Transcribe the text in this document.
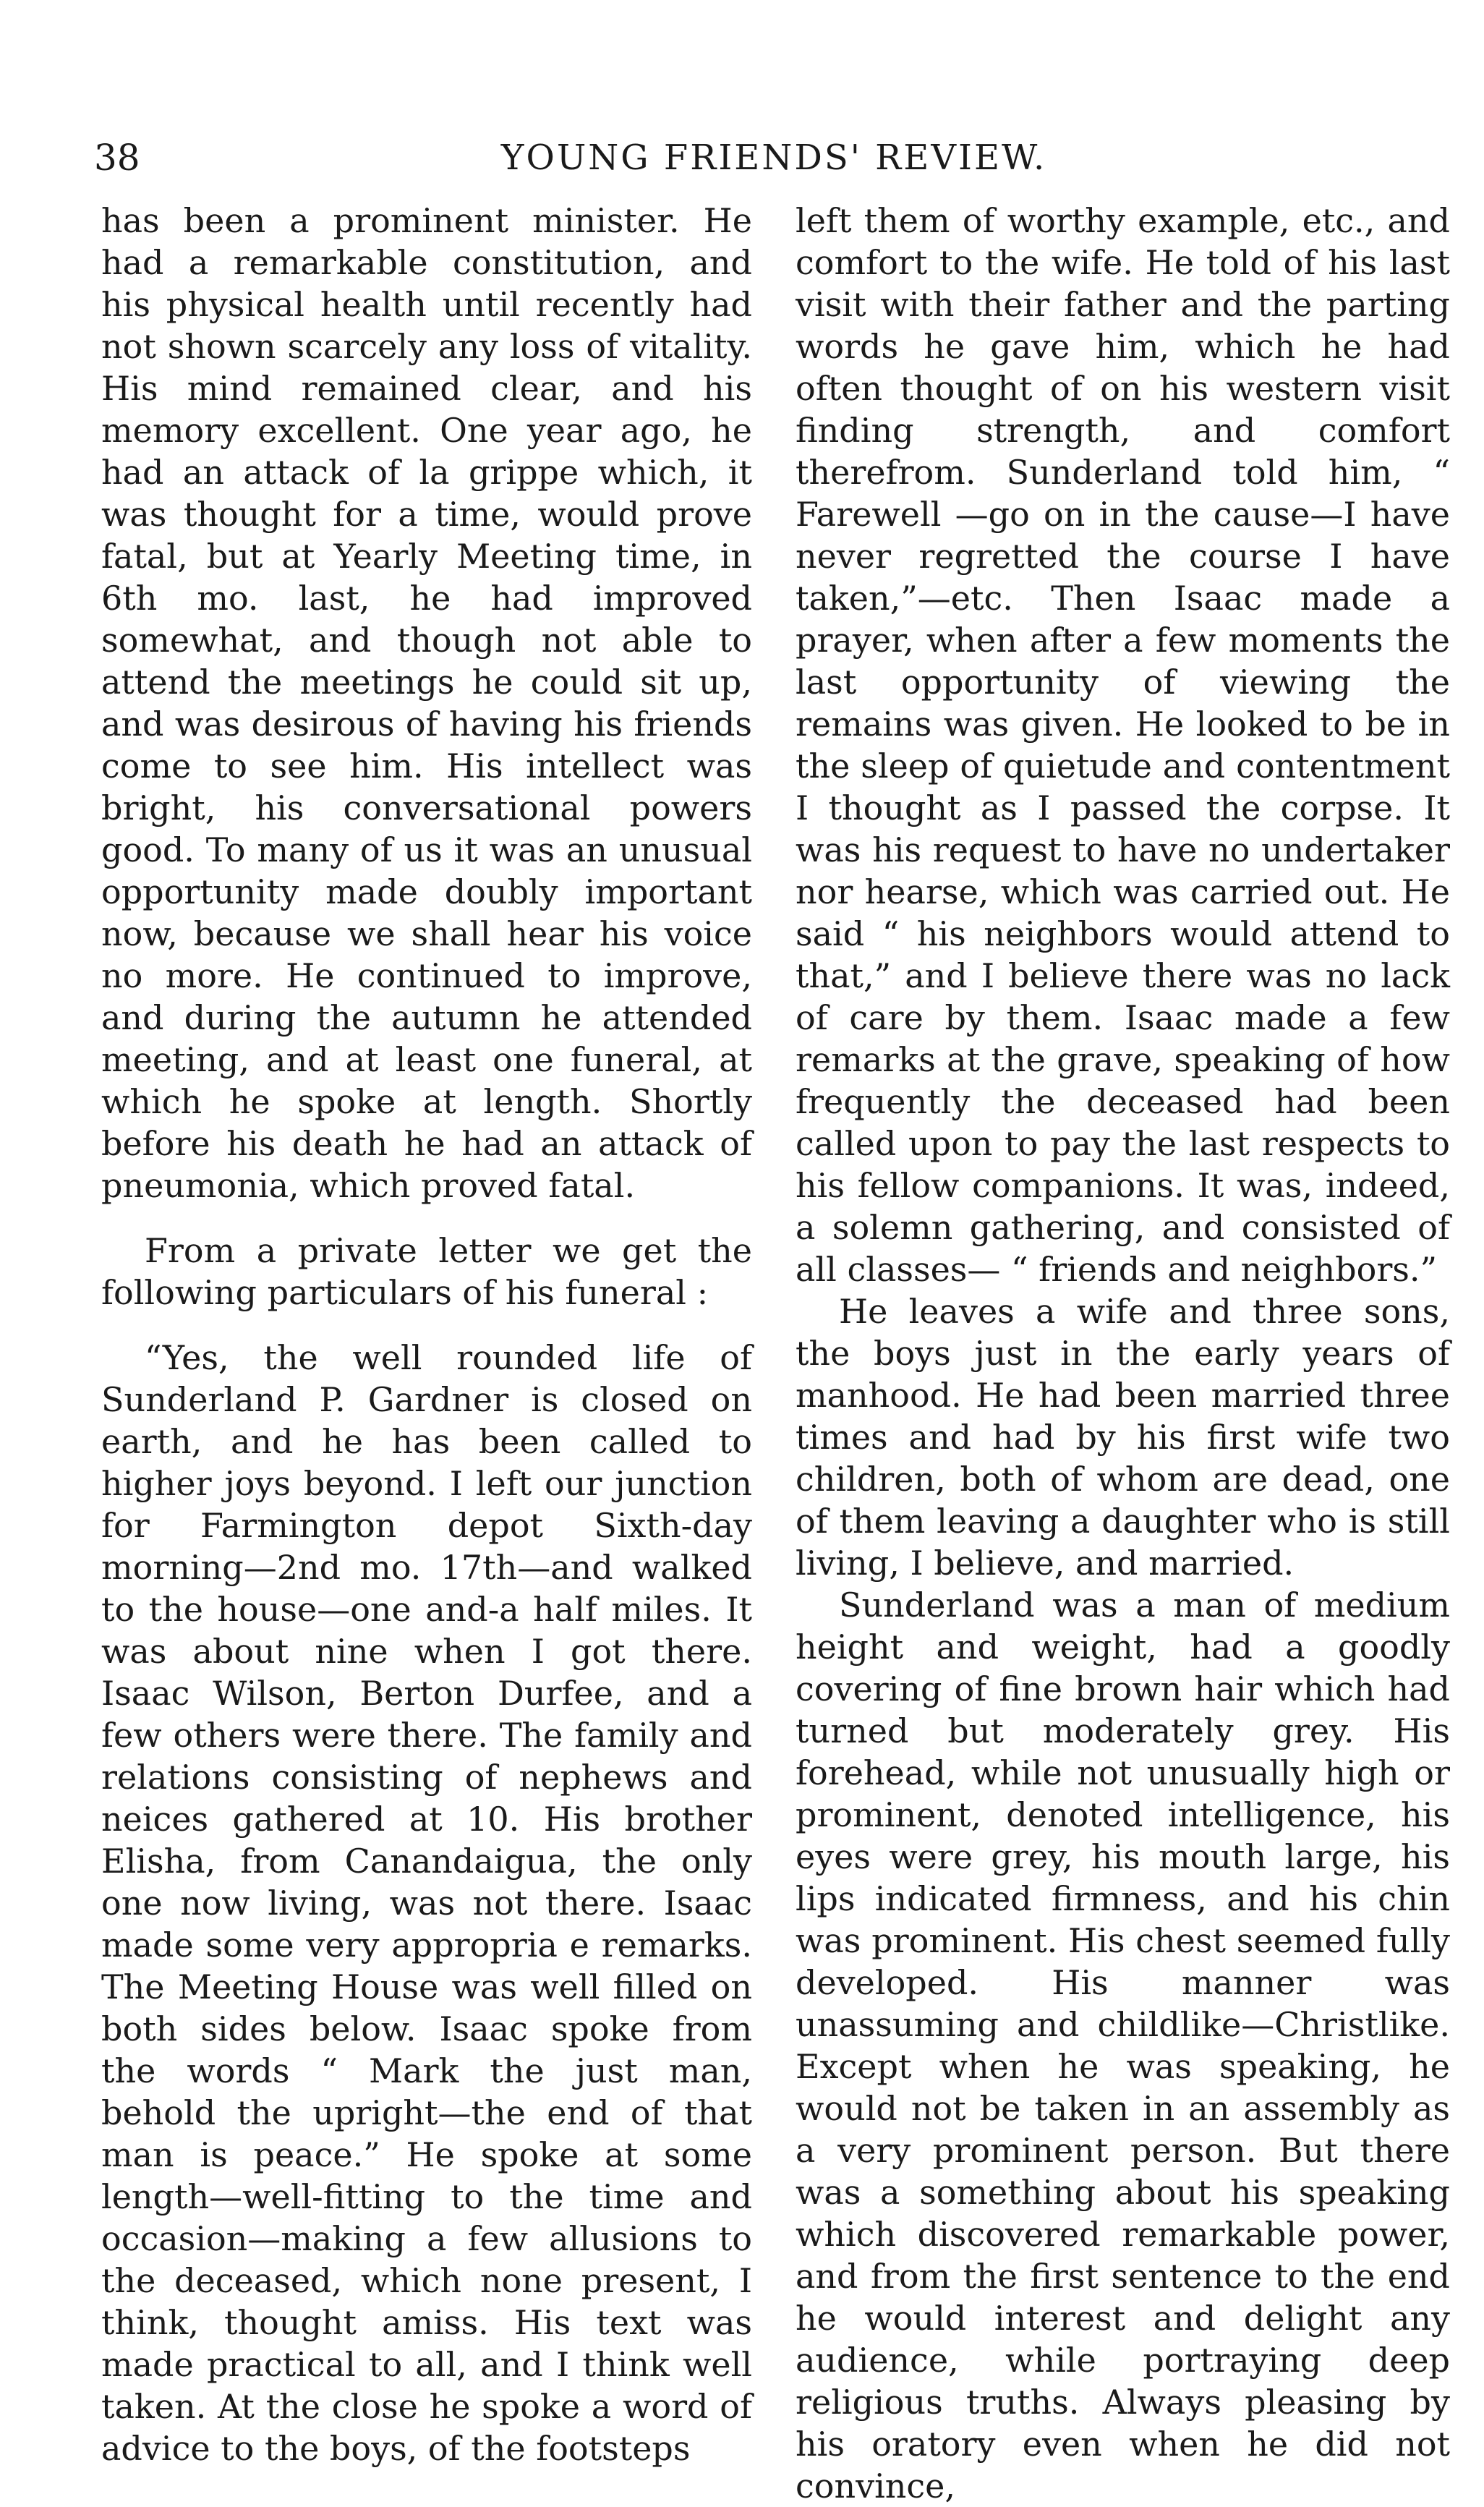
38	YOUNG FRIENDS' REVIEW.

has been a prominent minister. He had a remarkable constitution, and his physical health until recently had not shown scarcely any loss of vitality. His mind remained clear, and his memory excellent. One year ago, he had an attack of la grippe which, it was thought for a time, would prove fatal, but at Yearly Meeting time, in 6th mo. last, he had improved somewhat, and though not able to attend the meetings he could sit up, and was desirous of having his friends come to see him. His intellect was bright, his conversational powers good. To many of us it was an unusual opportunity made doubly important now, because we shall hear his voice no more. He continued to improve, and during the autumn he attended meeting, and at least one funeral, at which he spoke at length. Shortly before his death he had an attack of pneumonia, which proved fatal.

From a private letter we get the following particulars of his funeral :

“Yes, the well rounded life of Sunderland P. Gardner is closed on earth, and he has been called to higher joys beyond. I left our junction for Farmington depot Sixth-day morning—2nd mo. 17th—and walked to the house—one and-a half miles. It was about nine when I got there. Isaac Wilson, Berton Durfee, and a few others were there. The family and relations consisting of nephews and neices gathered at 10. His brother Elisha, from Canandaigua, the only one now living, was not there. Isaac made some very appropria e remarks. The Meeting House was well filled on both sides below. Isaac spoke from the words “ Mark the just man, behold the upright—the end of that man is peace.” He spoke at some length—well-fitting to the time and occasion—making a few allusions to the deceased, which none present, I think, thought amiss. His text was made practical to all, and I think well taken. At the close he spoke a word of advice to the boys, of the footsteps

left them of worthy example, etc., and comfort to the wife. He told of his last visit with their father and the parting words he gave him, which he had often thought of on his western visit finding strength, and comfort therefrom. Sunderland told him, “ Farewell —go on in the cause—I have never regretted the course I have taken,”—etc. Then Isaac made a prayer, when after a few moments the last opportunity of viewing the remains was given. He looked to be in the sleep of quietude and contentment I thought as I passed the corpse. It was his request to have no undertaker nor hearse, which was carried out. He said “ his neighbors would attend to that,” and I believe there was no lack of care by them. Isaac made a few remarks at the grave, speaking of how frequently the deceased had been called upon to pay the last respects to his fellow companions. It was, indeed, a solemn gathering, and consisted of all classes— “ friends and neighbors.”

He leaves a wife and three sons, the boys just in the early years of manhood. He had been married three times and had by his first wife two children, both of whom are dead, one of them leaving a daughter who is still living, I believe, and married.

Sunderland was a man of medium height and weight, had a goodly covering of fine brown hair which had turned but moderately grey. His forehead, while not unusually high or prominent, denoted intelligence, his eyes were grey, his mouth large, his lips indicated firmness, and his chin was prominent. His chest seemed fully developed. His manner was unassuming and childlike—Christlike. Except when he was speaking, he would not be taken in an assembly as a very prominent person. But there was a something about his speaking which discovered remarkable power, and from the first sentence to the end he would interest and delight any audience, while portraying deep religious truths. Always pleasing by his oratory even when he did not convince,
